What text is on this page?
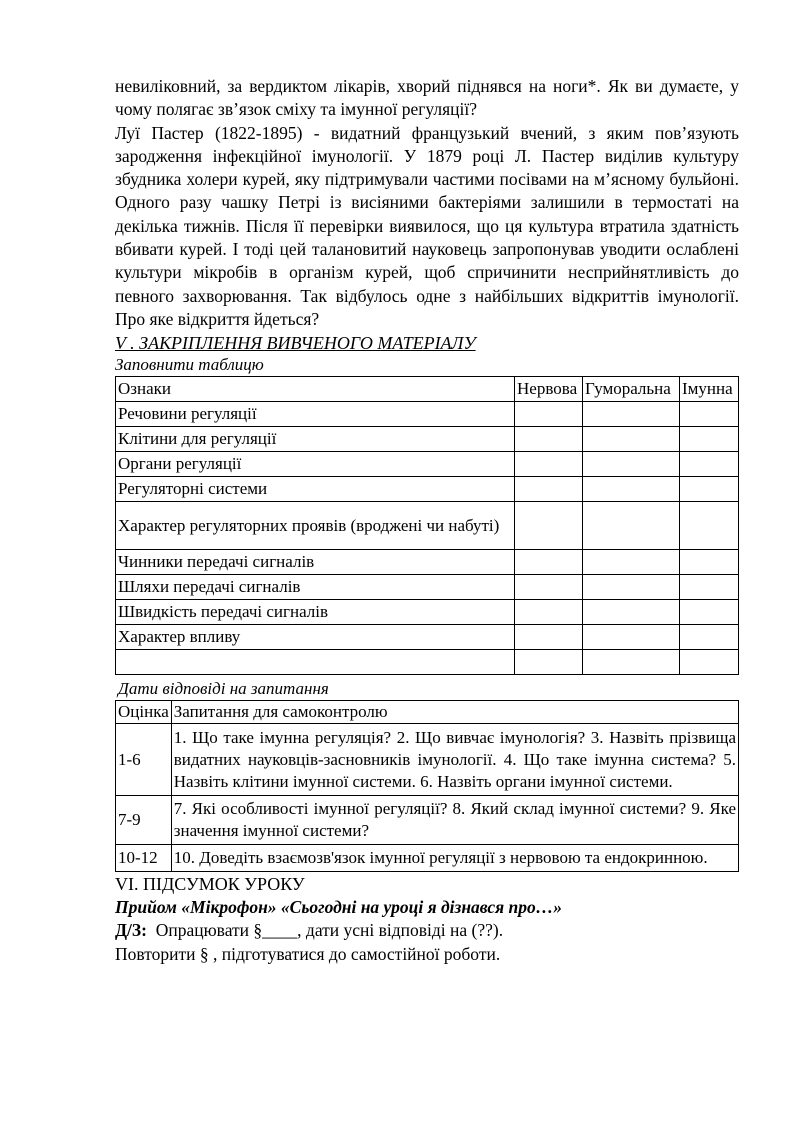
невиліковний, за вердиктом лікарів, хворий піднявся на ноги*. Як ви думаєте, у чому полягає зв’язок сміху та імунної регуляції?

Луї Пастер (1822-1895) - видатний французький вчений, з яким пов’язують зародження інфекційної імунології. У 1879 році Л. Пастер виділив культуру збудника холери курей, яку підтримували частими посівами на м’ясному бульйоні. Одного разу чашку Петрі із висіяними бактеріями залишили в термостаті на декілька тижнів. Після її перевірки виявилося, що ця культура втратила здатність вбивати курей. І тоді цей талановитий науковець запропонував уводити ослаблені культури мікробів в організм курей, щоб спричинити несприйнятливість до певного захворювання. Так відбулось одне з найбільших відкриттів імунології. Про яке відкриття йдеться?

V . ЗАКРІПЛЕННЯ ВИВЧЕНОГО МАТЕРІАЛУ
Заповнити таблицю
Ознаки	Нервова	Гуморальна	Імунна
Речовини регуляції			
Клітини для регуляції			
Органи регуляції			
Регуляторні системи			
Характер регуляторних проявів (вроджені чи набуті)			
Чинники передачі сигналів			
Шляхи передачі сигналів			
Швидкість передачі сигналів			
Характер впливу			

Дати відповіді на запитання
Оцінка	Запитання для самоконтролю
1-6	1. Що таке імунна регуляція? 2. Що вивчає імунологія? 3. Назвіть прізвища видатних науковців-засновників імунології. 4. Що таке імунна система? 5. Назвіть клітини імунної системи. 6. Назвіть органи імунної системи.
7-9	7. Які особливості імунної регуляції? 8. Який склад імунної системи? 9. Яке значення імунної системи?
10-12	10. Доведіть взаємозв'язок імунної регуляції з нервовою та ендокринною.
VI. ПІДСУМОК УРОКУ
Прийом «Мікрофон» «Сьогодні на уроці я дізнався про…»
Д/З: Опрацювати §____, дати усні відповіді на (??).
Повторити § , підготуватися до самостійної роботи.
